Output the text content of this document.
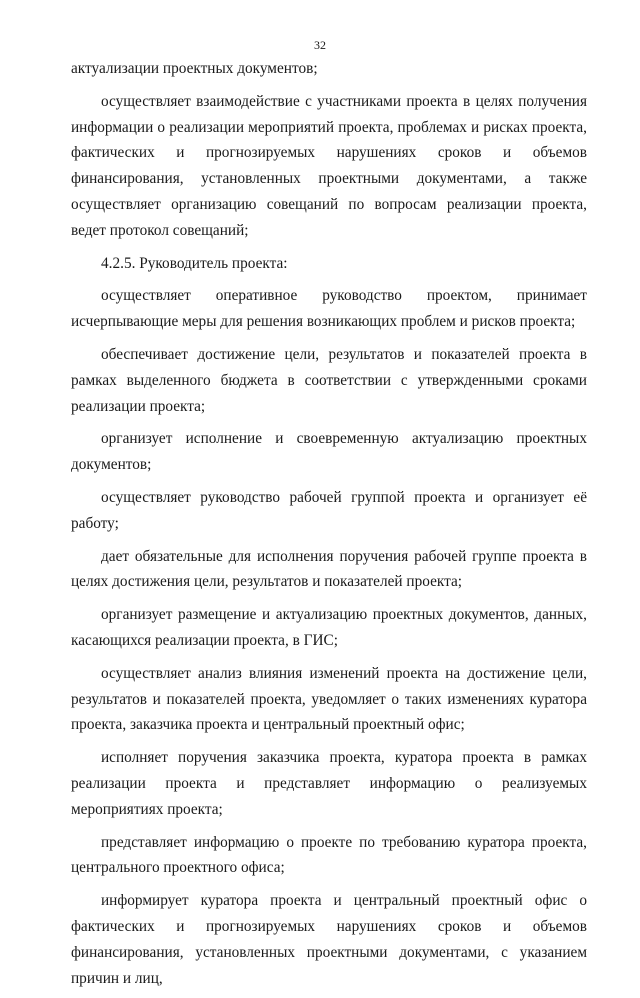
32

актуализации проектных документов;

осуществляет взаимодействие с участниками проекта в целях получения информации о реализации мероприятий проекта, проблемах и рисках проекта, фактических и прогнозируемых нарушениях сроков и объемов финансирования, установленных проектными документами, а также осуществляет организацию совещаний по вопросам реализации проекта, ведет протокол совещаний;

4.2.5. Руководитель проекта:

осуществляет оперативное руководство проектом, принимает исчерпывающие меры для решения возникающих проблем и рисков проекта;

обеспечивает достижение цели, результатов и показателей проекта в рамках выделенного бюджета в соответствии с утвержденными сроками реализации проекта;

организует исполнение и своевременную актуализацию проектных документов;

осуществляет руководство рабочей группой проекта и организует её работу;

дает обязательные для исполнения поручения рабочей группе проекта в целях достижения цели, результатов и показателей проекта;

организует размещение и актуализацию проектных документов, данных, касающихся реализации проекта, в ГИС;

осуществляет анализ влияния изменений проекта на достижение цели, результатов и показателей проекта, уведомляет о таких изменениях куратора проекта, заказчика проекта и центральный проектный офис;

исполняет поручения заказчика проекта, куратора проекта в рамках реализации проекта и представляет информацию о реализуемых мероприятиях проекта;

представляет информацию о проекте по требованию куратора проекта, центрального проектного офиса;

информирует куратора проекта и центральный проектный офис о фактических и прогнозируемых нарушениях сроков и объемов финансирования, установленных проектными документами, с указанием причин и лиц,
